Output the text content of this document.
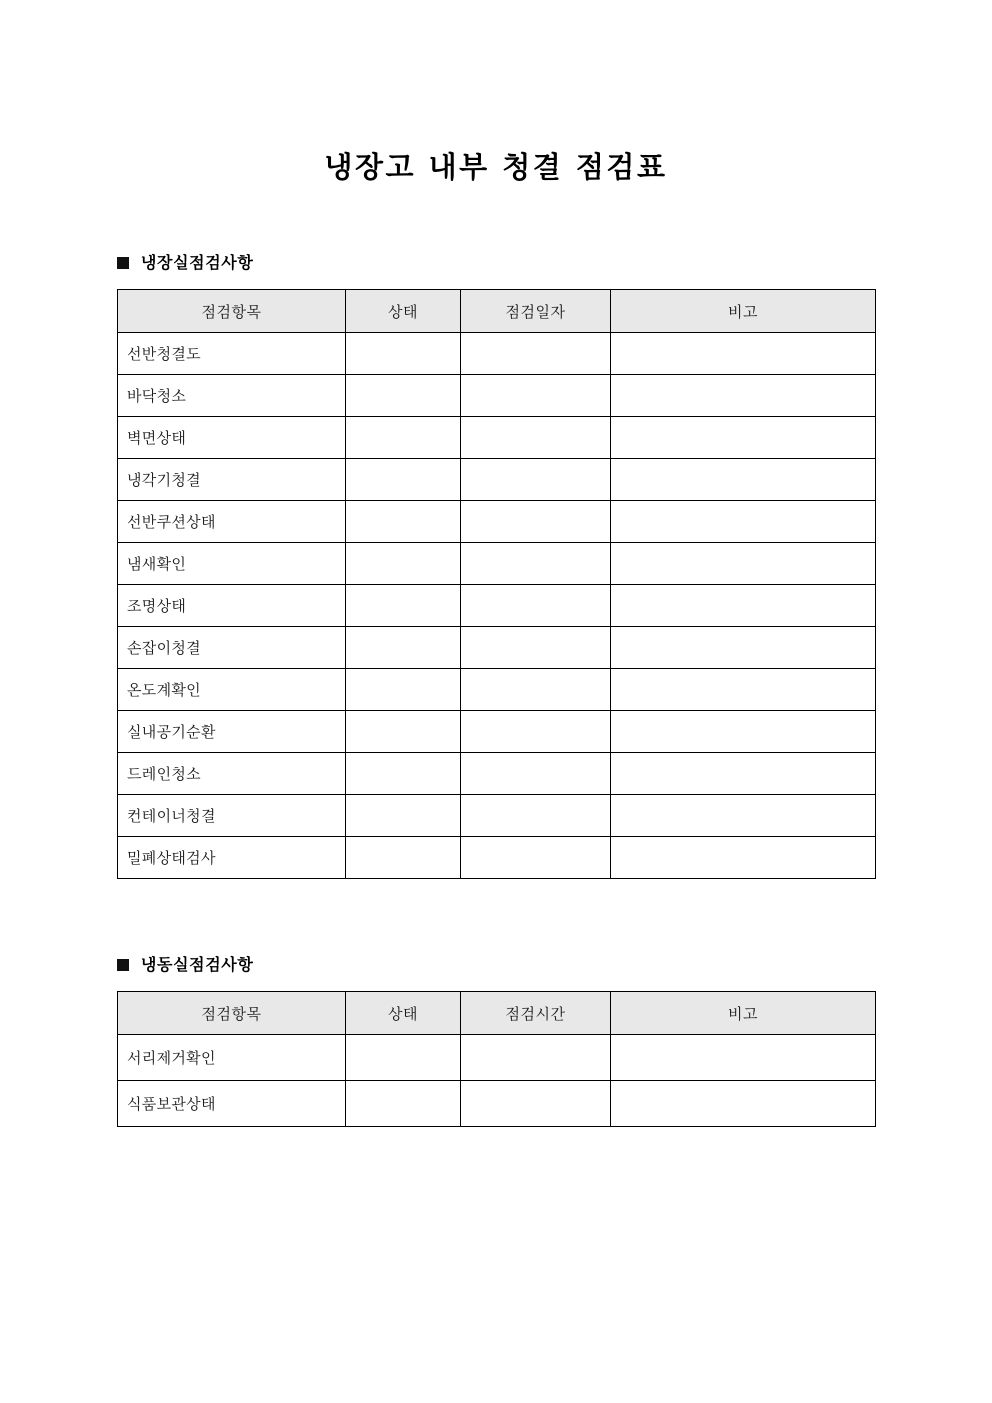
냉장고 내부 청결 점검표
냉장실점검사항
점검항목	상태	점검일자	비고
선반청결도			
바닥청소			
벽면상태			
냉각기청결			
선반쿠션상태			
냄새확인			
조명상태			
손잡이청결			
온도계확인			
실내공기순환			
드레인청소			
컨테이너청결			
밀폐상태검사			
냉동실점검사항
점검항목	상태	점검시간	비고
서리제거확인			
식품보관상태			
